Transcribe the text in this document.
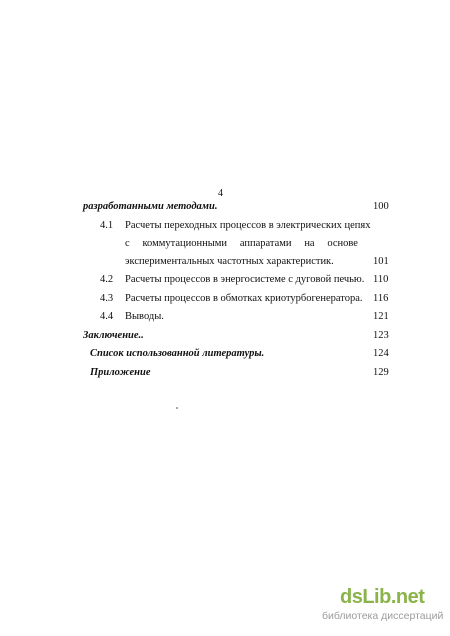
4
разработанными методами.	100
4.1 Расчеты переходных процессов в электрических цепях
с коммутационными аппаратами на основе
экспериментальных частотных характеристик.	101
4.2 Расчеты процессов в энергосистеме с дуговой печью. 110
4.3 Расчеты процессов в обмотках криотурбогенератора. 116
4.4 Выводы.	121
Заключение..	123
Список использованной литературы.	124
Приложение	129
dsLib.net
библиотека диссертаций
